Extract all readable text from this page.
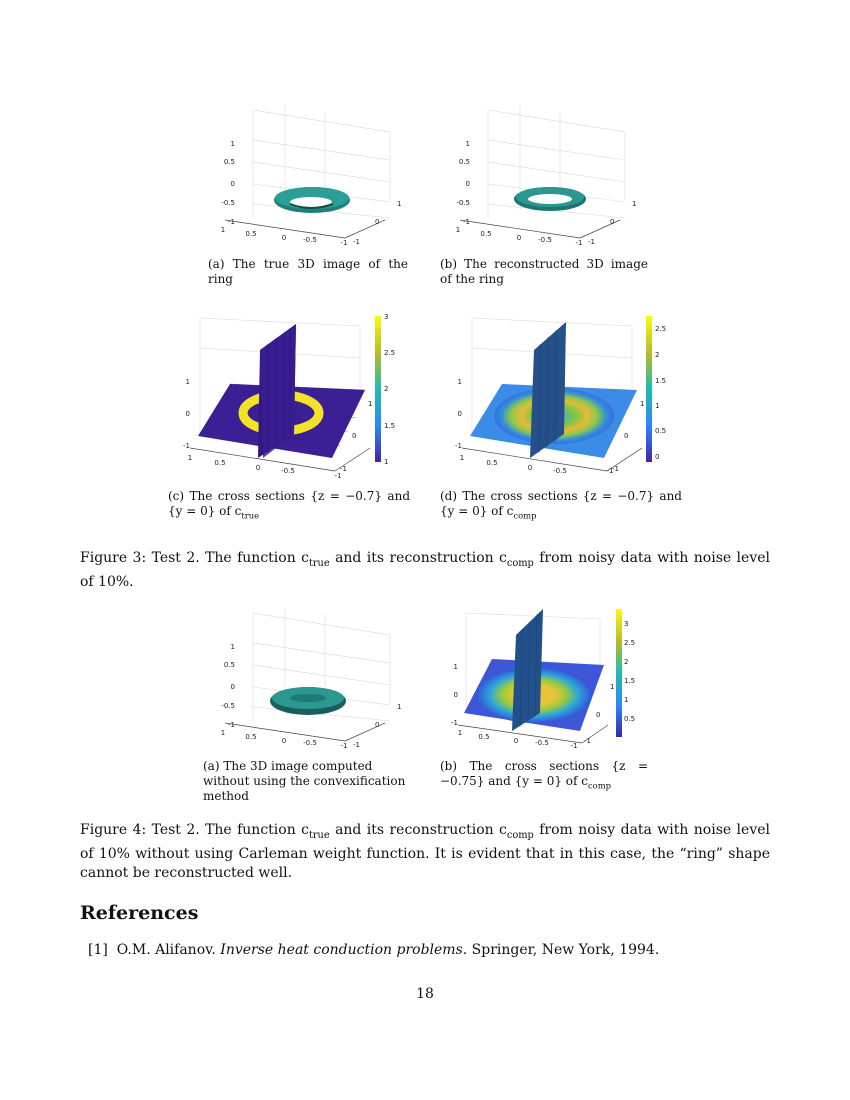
1
0.5
0
-0.5
-1
1	0.5	0 -0.5	-1
1
0
-1
(a) The true 3D image of the ring
1
0.5
0
-0.5
-1
1	0.5	0 -0.5	-1
1
0
-1
(b) The reconstructed 3D image of the ring
1
0
-1
1
0.5
0	-0.5
-1
1
0
-1
3
2.5
2
1.5
1
(c) The cross sections {z = −0.7} and {y = 0} of $c_{true}$
1
0
-1
1
0.5
0	-0.5	-1
1
0
-1
2.5
2
1.5
1
0.5
0
(d) The cross sections {z = −0.7} and {y = 0} of $c_{comp}$
Figure 3: Test 2. The function $c_{true}$ and its reconstruction $c_{comp}$ from noisy data with noise level of 10%.
1
0.5
0
-0.5
-1
1	0.5	0 -0.5	-1
1
0
-1
(a) The 3D image computed without using the convexification method
1
0
-1
1 0.5	0 -0.5	-1
1
0
-1
3
2.5
2
1.5
1
0.5
(b) The cross sections {z = −0.75} and {y = 0} of $c_{comp}$
Figure 4: Test 2. The function $c_{true}$ and its reconstruction $c_{comp}$ from noisy data with noise level of 10% without using Carleman weight function. It is evident that in this case, the “ring” shape cannot be reconstructed well.
References
[1] O.M. Alifanov. Inverse heat conduction problems. Springer, New York, 1994.
18
